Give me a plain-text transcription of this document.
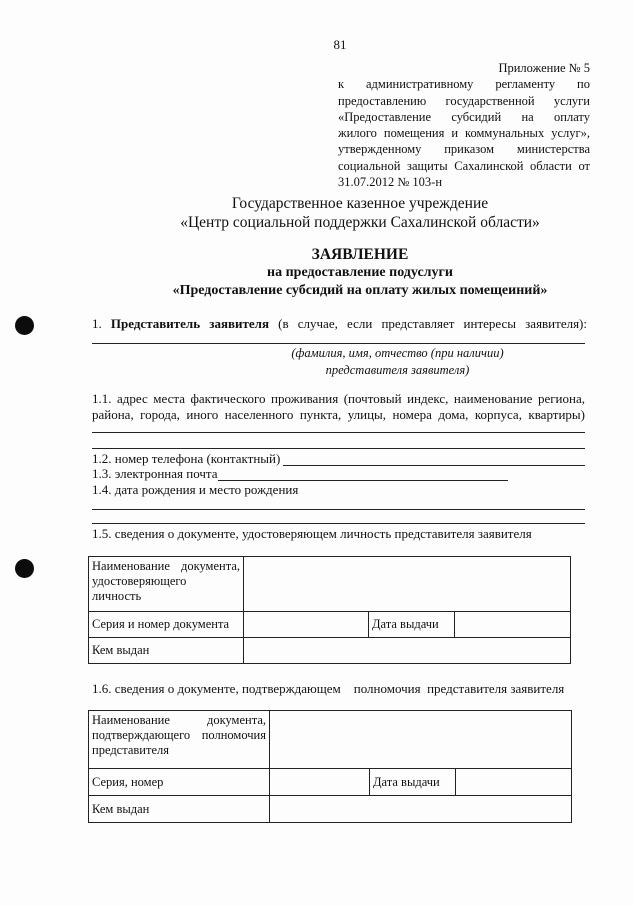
81
Приложение № 5
к административному регламенту по
предоставлению государственной услуги
«Предоставление субсидий на оплату
жилого помещения и коммунальных услуг»,
утвержденному приказом министерства
социальной защиты Сахалинской области от
31.07.2012 № 103-н
Государственное казенное учреждение
«Центр социальной поддержки Сахалинской области»
ЗАЯВЛЕНИЕ
на предоставление подуслуги
«Предоставление субсидий на оплату жилых помещеиний»
1. Представитель заявителя (в случае, если представляет интересы заявителя):
(фамилия, имя, отчество (при наличии)
представителя заявителя)
1.1. адрес места фактического проживания (почтовый индекс, наименование региона,
района, города, иного населенного пункта, улицы, номера дома, корпуса, квартиры)
1.2. номер телефона (контактный)
1.3. электронная почта
1.4. дата рождения и место рождения
1.5. сведения о документе, удостоверяющем личность представителя заявителя
Наименование документа,
удостоверяющего
личность			

Серия и номер документа		Дата выдачи	
Кем выдан			
1.6. сведения о документе, подтверждающем    полномочия  представителя заявителя
Наименование документа,
подтверждающего полномочия
представителя			

Серия, номер		Дата выдачи	
Кем выдан			
